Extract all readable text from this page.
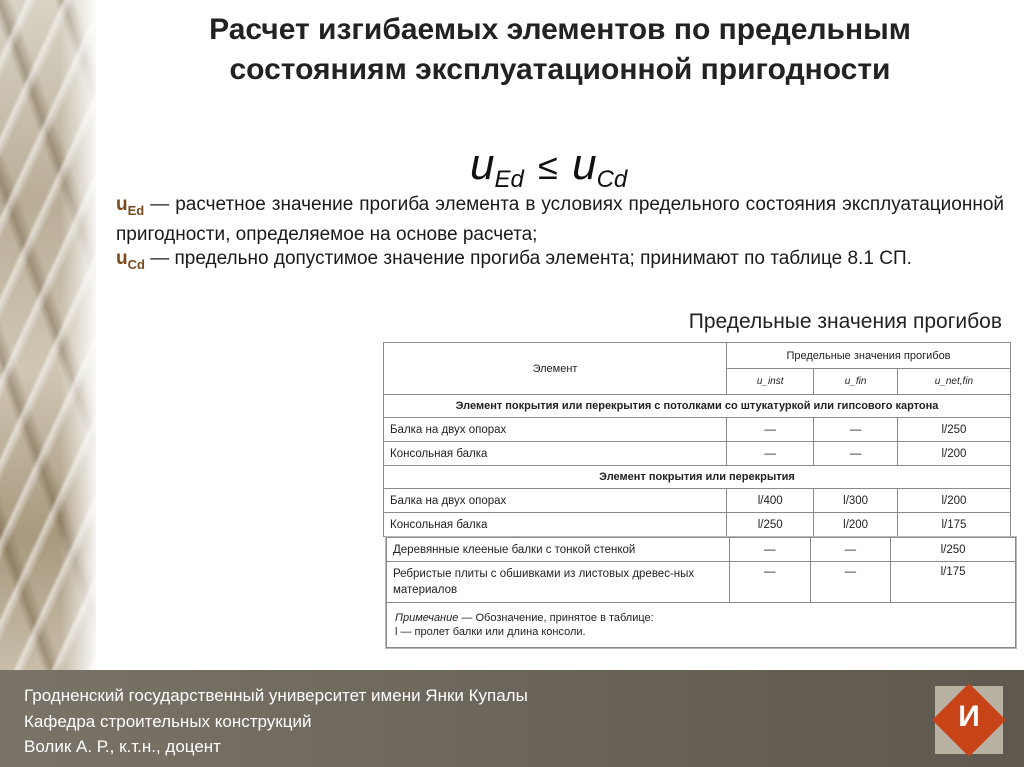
Расчет изгибаемых элементов по предельным
состояниям эксплуатационной пригодности
$u_{Ed} \le u_{Cd}$

$u_{Ed}$ — расчетное значение прогиба элемента в условиях предельного состояния эксплуатационной пригодности, определяемое на основе расчета;

$u_{Cd}$ — предельно допустимое значение прогиба элемента; принимают по таблице 8.1 СП.

Предельные значения прогибов
Элемент	Предельные значения прогибов		
	u_inst	u_fin	u_net,fin
Элемент покрытия или перекрытия с потолками со штукатуркой или гипсового картона			
Балка на двух опорах	—	—	l/250
Консольная балка	—	—	l/200
Элемент покрытия или перекрытия			
Балка на двух опорах	l/400	l/300	l/200
Консольная балка	l/250	l/200	l/175
Деревянные клееные балки с тонкой стенкой	—	—	l/250
Ребристые плиты с обшивками из листовых древес-ных материалов	—	—	l/175

Примечание — Обозначение, принятое в таблице:
l — пролет балки или длина консоли.			
Гродненский государственный университет имени Янки Купалы
Кафедра строительных конструкций
Волик А. Р., к.т.н., доцент
И
